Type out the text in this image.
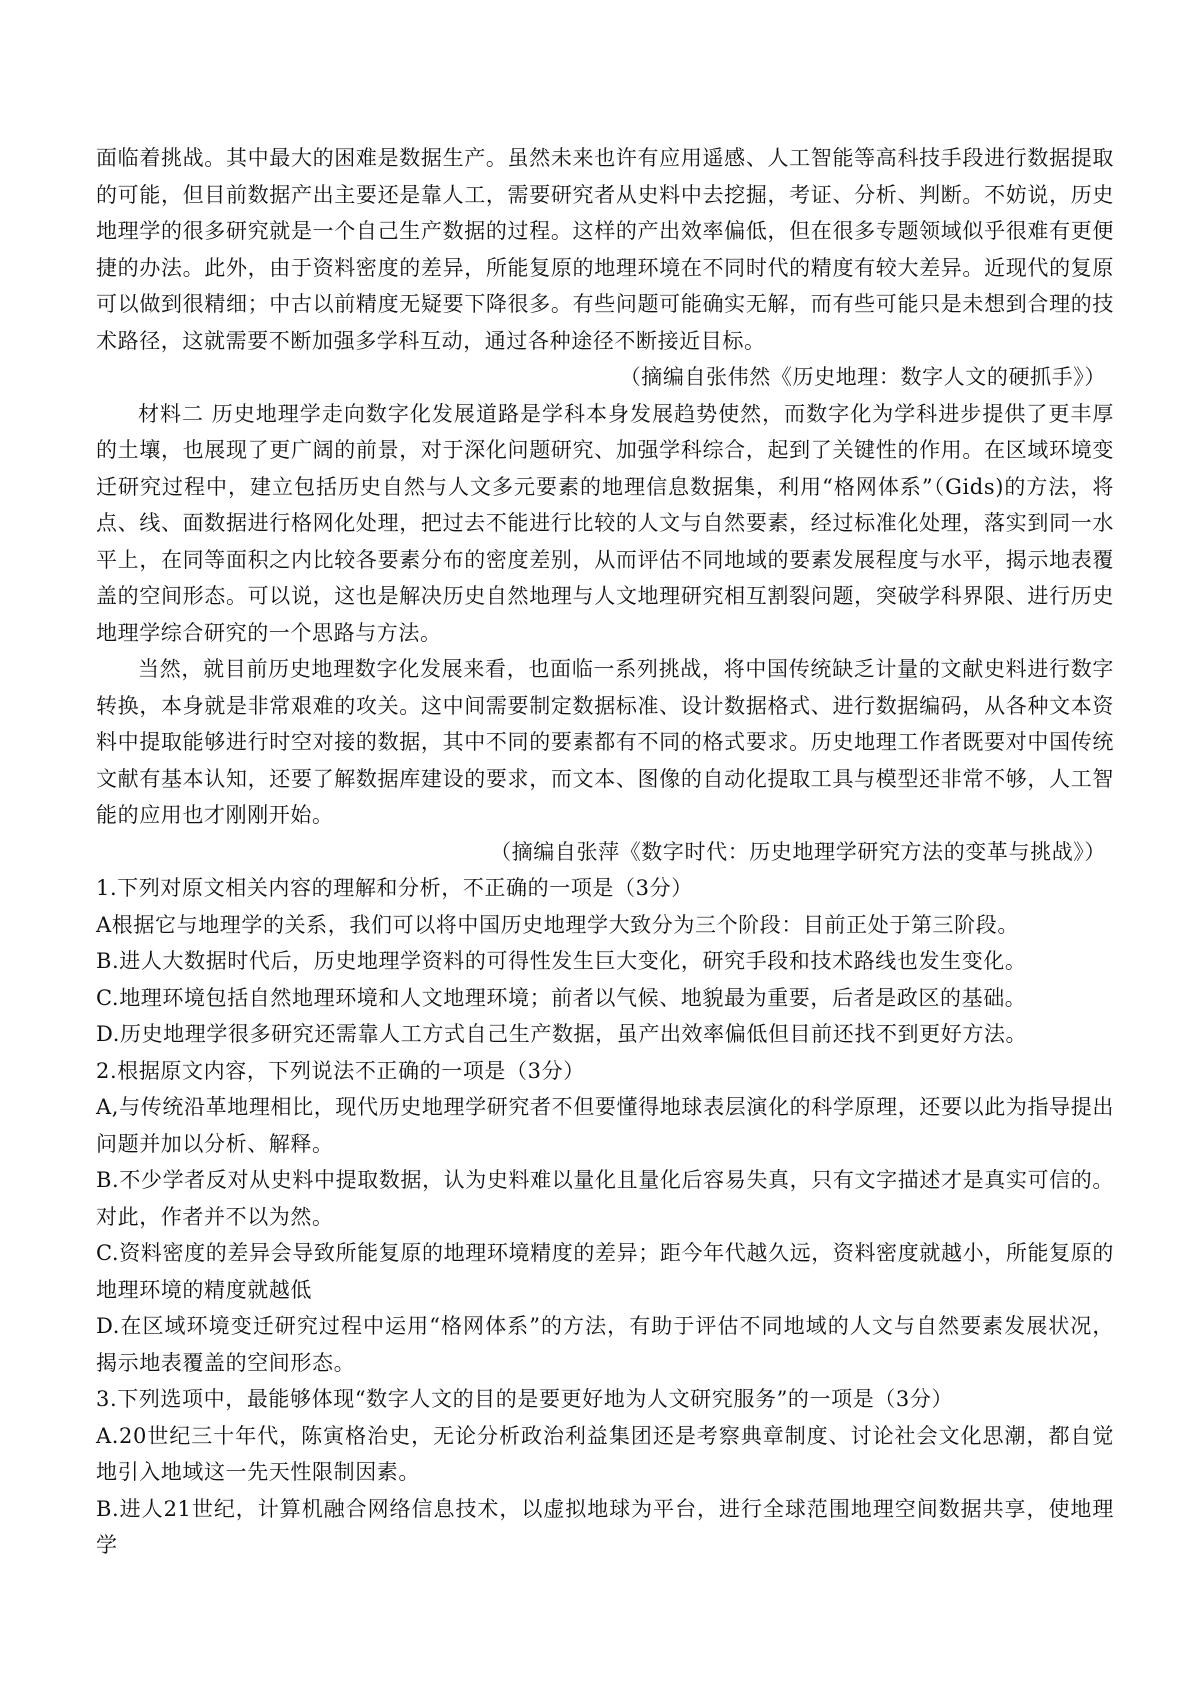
面临着挑战。其中最大的困难是数据生产。虽然未来也许有应用遥感、人工智能等高科技手段进行数据提取的可能，但目前数据产出主要还是靠人工，需要研究者从史料中去挖掘，考证、分析、判断。不妨说，历史地理学的很多研究就是一个自己生产数据的过程。这样的产出效率偏低，但在很多专题领域似乎很难有更便捷的办法。此外，由于资料密度的差异，所能复原的地理环境在不同时代的精度有较大差异。近现代的复原可以做到很精细；中古以前精度无疑要下降很多。有些问题可能确实无解，而有些可能只是未想到合理的技术路径，这就需要不断加强多学科互动，通过各种途径不断接近目标。

（摘编自张伟然《历史地理：数字人文的硬抓手》）

材料二 历史地理学走向数字化发展道路是学科本身发展趋势使然，而数字化为学科进步提供了更丰厚的土壤，也展现了更广阔的前景，对于深化问题研究、加强学科综合，起到了关键性的作用。在区域环境变迁研究过程中，建立包括历史自然与人文多元要素的地理信息数据集，利用“格网体系”（Gids)的方法，将点、线、面数据进行格网化处理，把过去不能进行比较的人文与自然要素，经过标准化处理，落实到同一水平上，在同等面积之内比较各要素分布的密度差别，从而评估不同地域的要素发展程度与水平，揭示地表覆盖的空间形态。可以说，这也是解决历史自然地理与人文地理研究相互割裂问题，突破学科界限、进行历史地理学综合研究的一个思路与方法。

当然，就目前历史地理数字化发展来看，也面临一系列挑战，将中国传统缺乏计量的文献史料进行数字转换，本身就是非常艰难的攻关。这中间需要制定数据标准、设计数据格式、进行数据编码，从各种文本资料中提取能够进行时空对接的数据，其中不同的要素都有不同的格式要求。历史地理工作者既要对中国传统文献有基本认知，还要了解数据库建设的要求，而文本、图像的自动化提取工具与模型还非常不够，人工智能的应用也才刚刚开始。

（摘编自张萍《数字时代：历史地理学研究方法的变革与挑战》）

1.下列对原文相关内容的理解和分析，不正确的一项是（3分）

A根据它与地理学的关系，我们可以将中国历史地理学大致分为三个阶段：目前正处于第三阶段。

B.进人大数据时代后，历史地理学资料的可得性发生巨大变化，研究手段和技术路线也发生变化。

C.地理环境包括自然地理环境和人文地理环境；前者以气候、地貌最为重要，后者是政区的基础。

D.历史地理学很多研究还需靠人工方式自己生产数据，虽产出效率偏低但目前还找不到更好方法。

2.根据原文内容，下列说法不正确的一项是（3分）

A,与传统沿革地理相比，现代历史地理学研究者不但要懂得地球表层演化的科学原理，还要以此为指导提出问题并加以分析、解释。

B.不少学者反对从史料中提取数据，认为史料难以量化且量化后容易失真，只有文字描述才是真实可信的。对此，作者并不以为然。

C.资料密度的差异会导致所能复原的地理环境精度的差异；距今年代越久远，资料密度就越小，所能复原的地理环境的精度就越低

D.在区域环境变迁研究过程中运用“格网体系”的方法，有助于评估不同地域的人文与自然要素发展状况，揭示地表覆盖的空间形态。

3.下列选项中，最能够体现“数字人文的目的是要更好地为人文研究服务”的一项是（3分）

A.20世纪三十年代，陈寅格治史，无论分析政治利益集团还是考察典章制度、讨论社会文化思潮，都自觉地引入地域这一先天性限制因素。

B.进人21世纪，计算机融合网络信息技术，以虚拟地球为平台，进行全球范围地理空间数据共享，使地理学
